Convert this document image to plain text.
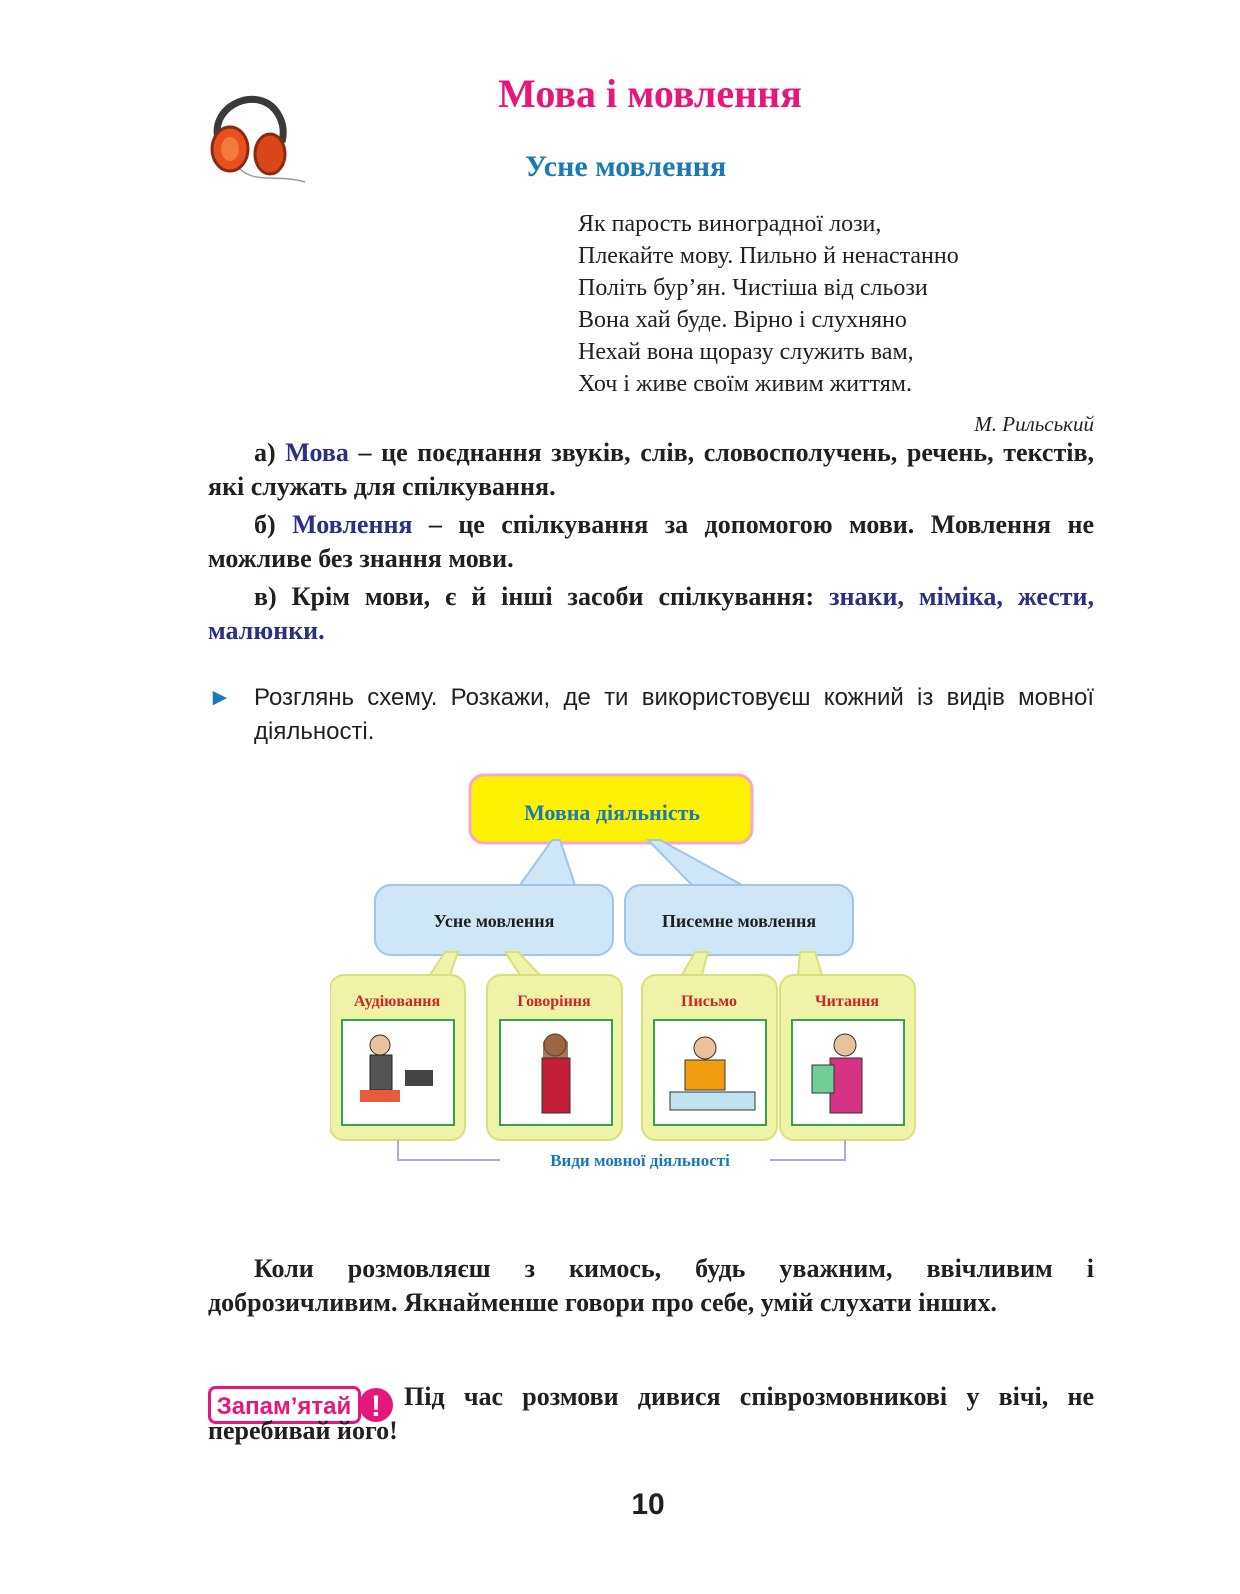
Мова і мовлення
Усне мовлення
Як парость виноградної лози,
Плекайте мову. Пильно й ненастанно
Політь бур’ян. Чистіша від сльози
Вона хай буде. Вірно і слухняно
Нехай вона щоразу служить вам,
Хоч і живе своїм живим життям.
М. Рильський
а) Мова – це поєднання звуків, слів, словосполучень, речень, текстів, які служать для спілкування.
б) Мовлення – це спілкування за допомогою мови. Мовлення не можливе без знання мови.
в) Крім мови, є й інші засоби спілкування: знаки, міміка, жести, малюнки.
► Розглянь схему. Розкажи, де ти використовуєш кожний із видів мовної діяльності.
Мовна діяльність
Усне мовлення	Писемне мовлення
Аудіювання	Говоріння	Письмо	Читання
Види мовної діяльності
Коли розмовляєш з кимось, будь уважним, ввічливим і доброзичливим. Якнайменше говори про себе, умій слухати інших.
Запам’ятай ! Під час розмови дивися співрозмовникові у вічі, не перебивай його!
10
